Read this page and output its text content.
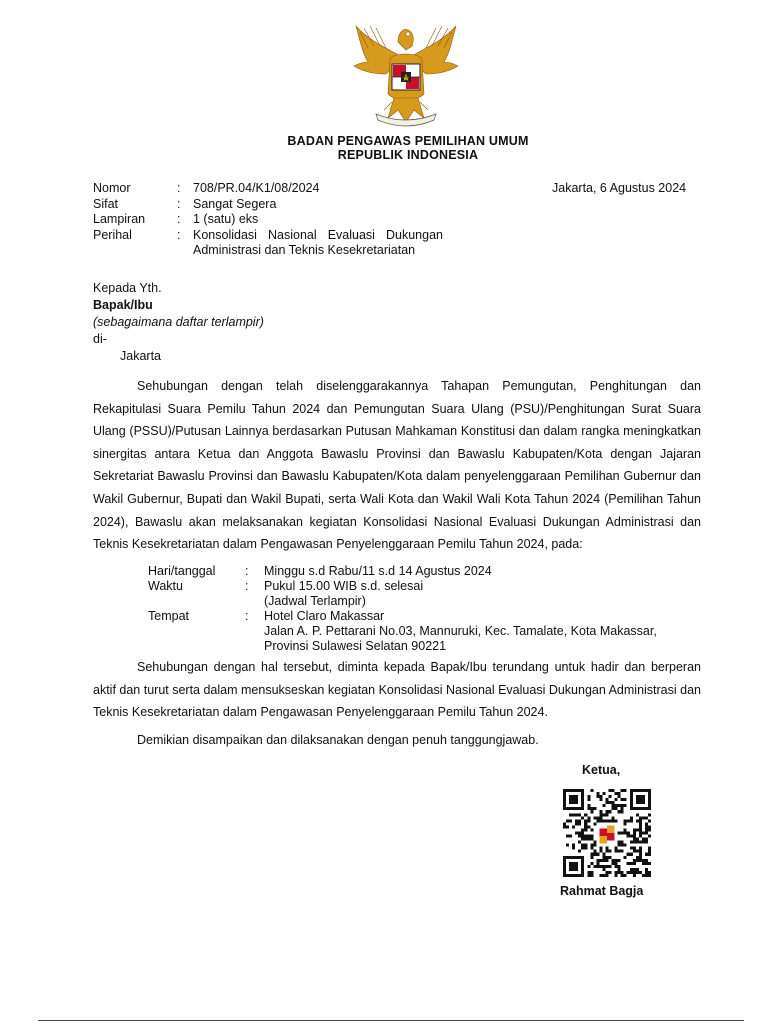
BADAN PENGAWAS PEMILIHAN UMUM
REPUBLIK INDONESIA
Nomor	:	708/PR.04/K1/08/2024
Sifat	:	Sangat Segera
Lampiran	:	1 (satu) eks
Perihal	:	Konsolidasi Nasional Evaluasi Dukungan Administrasi dan Teknis Kesekretariatan
Jakarta, 6 Agustus 2024
Kepada Yth.
Bapak/Ibu
(sebagaimana daftar terlampir)
di-
Jakarta
Sehubungan dengan telah diselenggarakannya Tahapan Pemungutan, Penghitungan dan Rekapitulasi Suara Pemilu Tahun 2024 dan Pemungutan Suara Ulang (PSU)/Penghitungan Surat Suara Ulang (PSSU)/Putusan Lainnya berdasarkan Putusan Mahkaman Konstitusi dan dalam rangka meningkatkan sinergitas antara Ketua dan Anggota Bawaslu Provinsi dan Bawaslu Kabupaten/Kota dengan Jajaran Sekretariat Bawaslu Provinsi dan Bawaslu Kabupaten/Kota dalam penyelenggaraan Pemilihan Gubernur dan Wakil Gubernur, Bupati dan Wakil Bupati, serta Wali Kota dan Wakil Wali Kota Tahun 2024 (Pemilihan Tahun 2024), Bawaslu akan melaksanakan kegiatan Konsolidasi Nasional Evaluasi Dukungan Administrasi dan Teknis Kesekretariatan dalam Pengawasan Penyelenggaraan Pemilu Tahun 2024, pada:
Hari/tanggal	:	Minggu s.d Rabu/11 s.d 14 Agustus 2024
Waktu	:	Pukul 15.00 WIB s.d. selesai
(Jadwal Terlampir)
Tempat	:	Hotel Claro Makassar
Jalan A. P. Pettarani No.03, Mannuruki, Kec. Tamalate, Kota Makassar,
Provinsi Sulawesi Selatan 90221
Sehubungan dengan hal tersebut, diminta kepada Bapak/Ibu terundang untuk hadir dan berperan aktif dan turut serta dalam mensukseskan kegiatan Konsolidasi Nasional Evaluasi Dukungan Administrasi dan Teknis Kesekretariatan dalam Pengawasan Penyelenggaraan Pemilu Tahun 2024.
Demikian disampaikan dan dilaksanakan dengan penuh tanggungjawab.
Ketua,
Rahmat Bagja
